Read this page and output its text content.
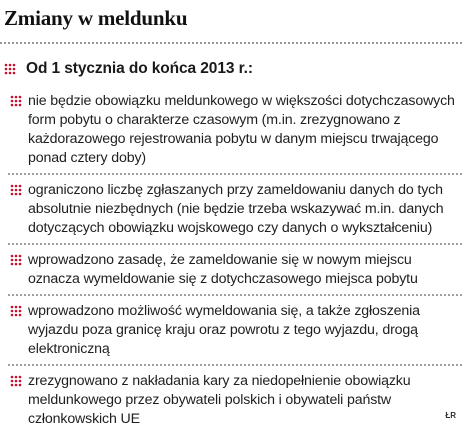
Zmiany w meldunku
Od 1 stycznia do końca 2013 r.:
nie będzie obowiązku meldunkowego w większości dotychczasowych form pobytu o charakterze czasowym (m.in. zrezygnowano z każdorazowego rejestrowania pobytu w danym miejscu trwającego ponad cztery doby)
ograniczono liczbę zgłaszanych przy zameldowaniu danych do tych absolutnie niezbędnych (nie będzie trzeba wskazywać m.in. danych dotyczących obowiązku wojskowego czy danych o wykształceniu)
wprowadzono zasadę, że zameldowanie się w nowym miejscu oznacza wymeldowanie się z dotychczasowego miejsca pobytu
wprowadzono możliwość wymeldowania się, a także zgłoszenia wyjazdu poza granicę kraju oraz powrotu z tego wyjazdu, drogą elektroniczną
zrezygnowano z nakładania kary za niedopełnienie obowiązku meldunkowego przez obywateli polskich i obywateli państw członkowskich UE	ŁR
